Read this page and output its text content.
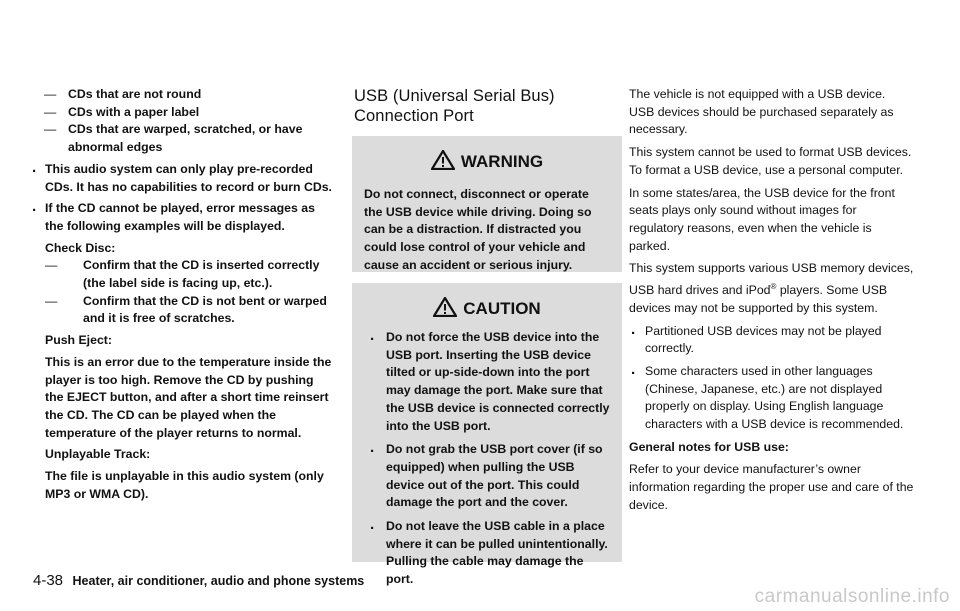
— CDs that are not round
— CDs with a paper label
— CDs that are warped, scratched, or have abnormal edges
. This audio system can only play pre-recorded CDs. It has no capabilities to record or burn CDs.
. If the CD cannot be played, error messages as the following examples will be displayed.
Check Disc:
— Confirm that the CD is inserted correctly (the label side is facing up, etc.).
— Confirm that the CD is not bent or warped and it is free of scratches.
Push Eject:
This is an error due to the temperature inside the player is too high. Remove the CD by pushing the EJECT button, and after a short time reinsert the CD. The CD can be played when the temperature of the player returns to normal.
Unplayable Track:
The file is unplayable in this audio system (only MP3 or WMA CD).
USB (Universal Serial Bus) Connection Port
WARNING
Do not connect, disconnect or operate the USB device while driving. Doing so can be a distraction. If distracted you could lose control of your vehicle and cause an accident or serious injury.
CAUTION
. Do not force the USB device into the USB port. Inserting the USB device tilted or up-side-down into the port may damage the port. Make sure that the USB device is connected correctly into the USB port.
. Do not grab the USB port cover (if so equipped) when pulling the USB device out of the port. This could damage the port and the cover.
. Do not leave the USB cable in a place where it can be pulled unintentionally. Pulling the cable may damage the port.
The vehicle is not equipped with a USB device. USB devices should be purchased separately as necessary.
This system cannot be used to format USB devices. To format a USB device, use a personal computer.
In some states/area, the USB device for the front seats plays only sound without images for regulatory reasons, even when the vehicle is parked.
This system supports various USB memory devices, USB hard drives and iPod® players. Some USB devices may not be supported by this system.
. Partitioned USB devices may not be played correctly.
. Some characters used in other languages (Chinese, Japanese, etc.) are not displayed properly on display. Using English language characters with a USB device is recommended.
General notes for USB use:
Refer to your device manufacturer’s owner information regarding the proper use and care of the device.
4-38 Heater, air conditioner, audio and phone systems
carmanualsonline.info
